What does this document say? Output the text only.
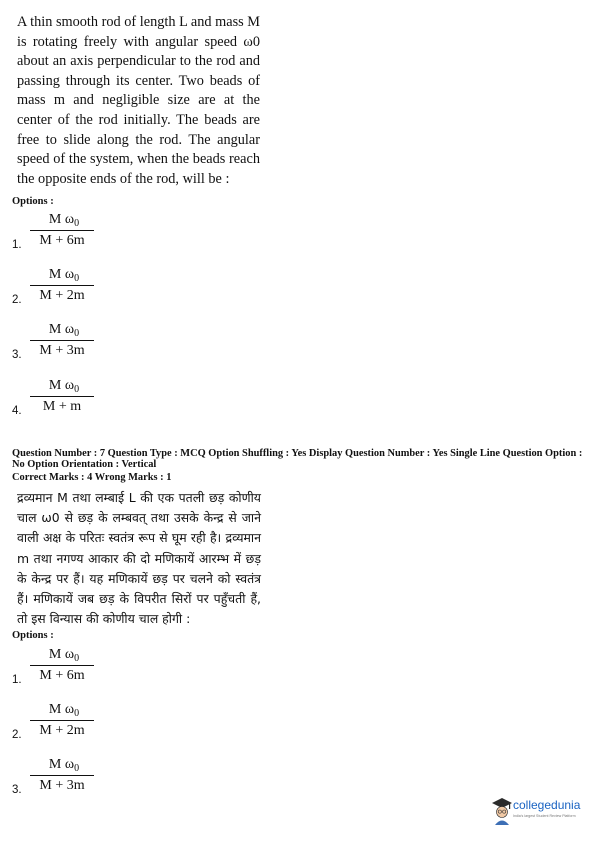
A thin smooth rod of length L and mass M is rotating freely with angular speed ω0 about an axis perpendicular to the rod and passing through its center. Two beads of mass m and negligible size are at the center of the rod initially. The beads are free to slide along the rod. The angular speed of the system, when the beads reach the opposite ends of the rod, will be :
Options :
1.
M $\omega_0$
M + 6m
2.
M $\omega_0$
M + 2m
3.
M $\omega_0$
M + 3m
4.
M $\omega_0$
M + m
Question Number : 7 Question Type : MCQ Option Shuffling : Yes Display Question Number : Yes Single Line Question Option :
No Option Orientation : Vertical
Correct Marks : 4 Wrong Marks : 1
द्रव्यमान M तथा लम्बाई L की एक पतली छड़ कोणीय चाल ω0 से छड़ के लम्बवत् तथा उसके केन्द्र से जाने वाली अक्ष के परितः स्वतंत्र रूप से घूम रही है। द्रव्यमान m तथा नगण्य आकार की दो मणिकायें आरम्भ में छड़ के केन्द्र पर हैं। यह मणिकायें छड़ पर चलने को स्वतंत्र हैं। मणिकायें जब छड़ के विपरीत सिरों पर पहुँचती हैं, तो इस विन्यास की कोणीय चाल होगी :
Options :
1.
M $\omega_0$
M + 6m
2.
M $\omega_0$
M + 2m
3.
M $\omega_0$
M + 3m
collegedunia
India's largest Student Review Platform
